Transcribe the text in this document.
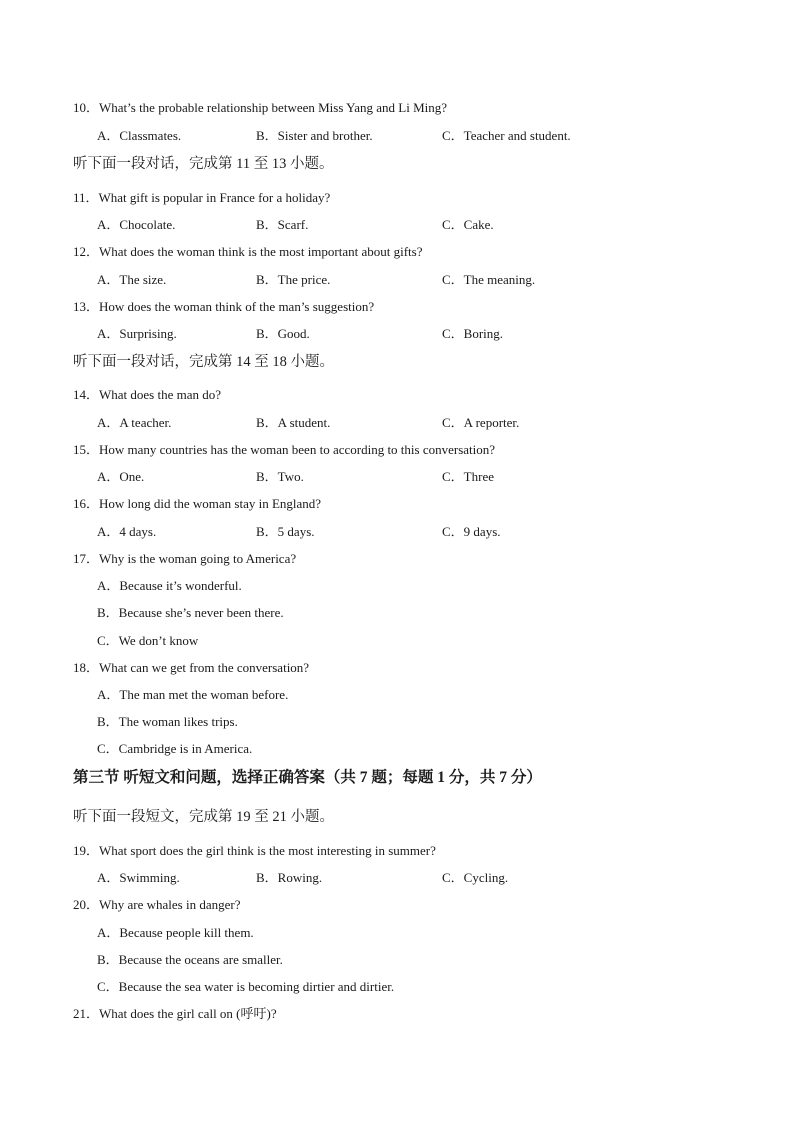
10．What’s the probable relationship between Miss Yang and Li Ming?
A．Classmates.	B．Sister and brother.	C．Teacher and student.
听下面一段对话，完成第 11 至 13 小题。
11．What gift is popular in France for a holiday?
A．Chocolate.	B．Scarf.	C．Cake.
12．What does the woman think is the most important about gifts?
A．The size.	B．The price.	C．The meaning.
13．How does the woman think of the man’s suggestion?
A．Surprising.	B．Good.	C．Boring.
听下面一段对话，完成第 14 至 18 小题。
14．What does the man do?
A．A teacher.	B．A student.	C．A reporter.
15．How many countries has the woman been to according to this conversation?
A．One.	B．Two.	C．Three
16．How long did the woman stay in England?
A．4 days.	B．5 days.	C．9 days.
17．Why is the woman going to America?
A．Because it’s wonderful.
B．Because she’s never been there.
C．We don’t know
18．What can we get from the conversation?
A．The man met the woman before.
B．The woman likes trips.
C．Cambridge is in America.
第三节 听短文和问题，选择正确答案（共 7 题；每题 1 分，共 7 分）
听下面一段短文，完成第 19 至 21 小题。
19．What sport does the girl think is the most interesting in summer?
A．Swimming.	B．Rowing.	C．Cycling.
20．Why are whales in danger?
A．Because people kill them.
B．Because the oceans are smaller.
C．Because the sea water is becoming dirtier and dirtier.
21．What does the girl call on (呼吁)?
